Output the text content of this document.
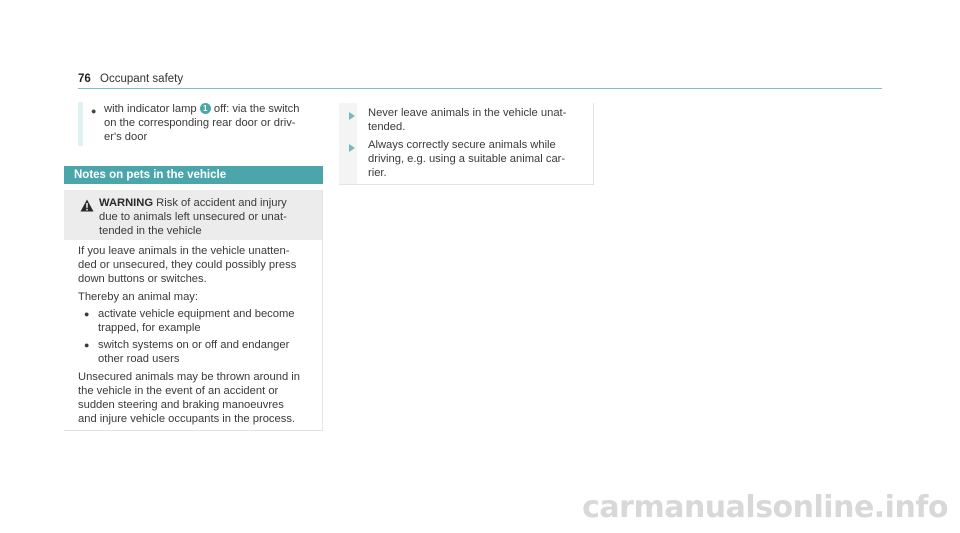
76 Occupant safety
● with indicator lamp 1 off: via the switch
on the corresponding rear door or driv-
er's door
Notes on pets in the vehicle
WARNING Risk of accident and injury
due to animals left unsecured or unat-
tended in the vehicle

If you leave animals in the vehicle unatten-
ded or unsecured, they could possibly press
down buttons or switches.

Thereby an animal may:

● activate vehicle equipment and become
trapped, for example
● switch systems on or off and endanger
other road users

Unsecured animals may be thrown around in
the vehicle in the event of an accident or
sudden steering and braking manoeuvres
and injure vehicle occupants in the process.

Never leave animals in the vehicle unat-
tended.
Always correctly secure animals while
driving, e.g. using a suitable animal car-
rier.
carmanualsonline.info
